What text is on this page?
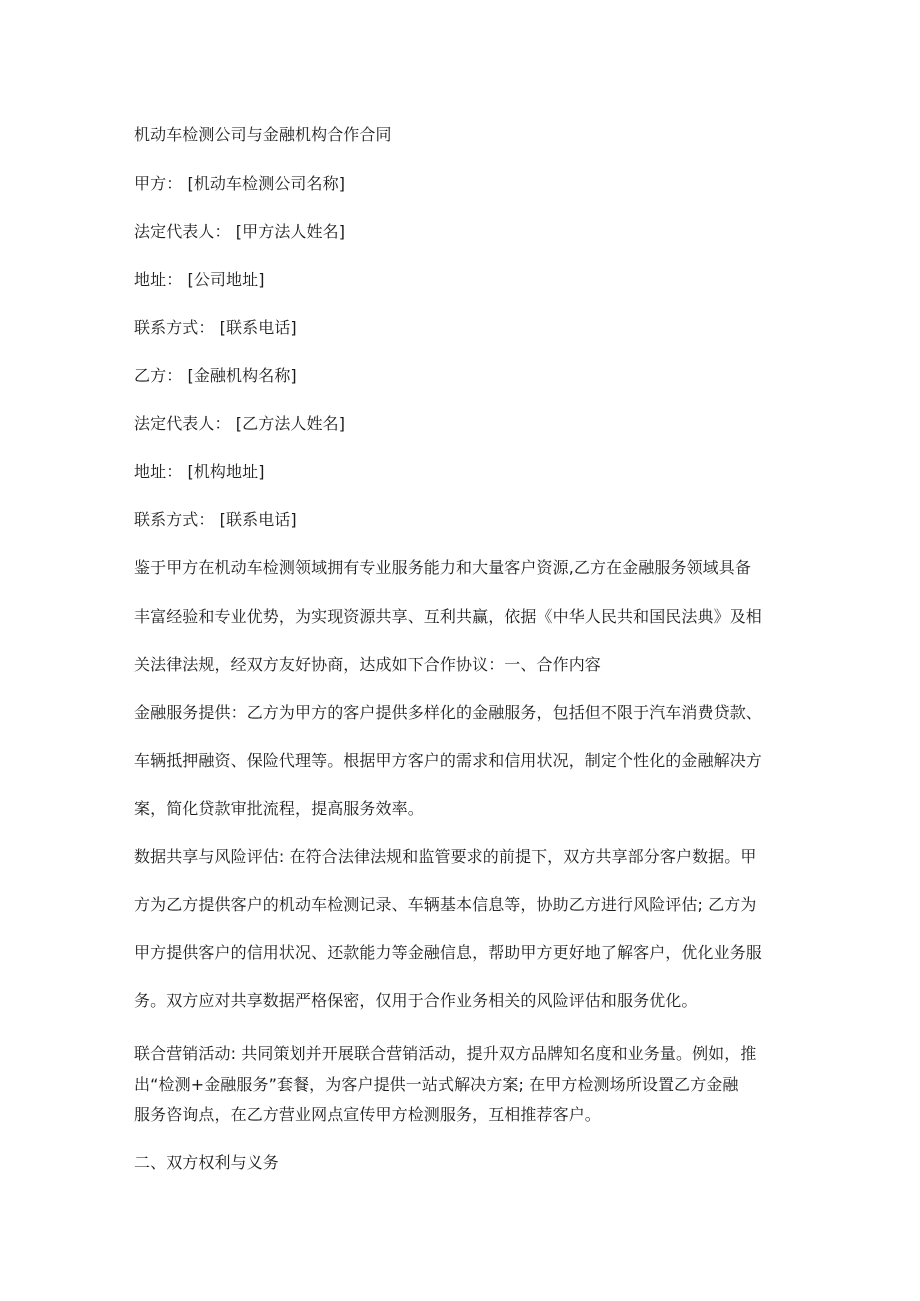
机动车检测公司与金融机构合作合同
甲方： [机动车检测公司名称]
法定代表人： [甲方法人姓名]
地址： [公司地址]
联系方式： [联系电话]
乙方： [金融机构名称]
法定代表人： [乙方法人姓名]
地址： [机构地址]
联系方式： [联系电话]
鉴于甲方在机动车检测领域拥有专业服务能力和大量客户资源,乙方在金融服务领域具备
丰富经验和专业优势，为实现资源共享、互利共赢，依据《中华人民共和国民法典》及相
关法律法规，经双方友好协商，达成如下合作协议：一、合作内容
金融服务提供：乙方为甲方的客户提供多样化的金融服务，包括但不限于汽车消费贷款、
车辆抵押融资、保险代理等。根据甲方客户的需求和信用状况，制定个性化的金融解决方
案，简化贷款审批流程，提高服务效率。
数据共享与风险评估: 在符合法律法规和监管要求的前提下，双方共享部分客户数据。甲
方为乙方提供客户的机动车检测记录、车辆基本信息等，协助乙方进行风险评估; 乙方为
甲方提供客户的信用状况、还款能力等金融信息，帮助甲方更好地了解客户，优化业务服
务。双方应对共享数据严格保密，仅用于合作业务相关的风险评估和服务优化。
联合营销活动: 共同策划并开展联合营销活动，提升双方品牌知名度和业务量。例如，推
出“检测+金融服务”套餐，为客户提供一站式解决方案; 在甲方检测场所设置乙方金融
服务咨询点，在乙方营业网点宣传甲方检测服务，互相推荐客户。
二、双方权利与义务
